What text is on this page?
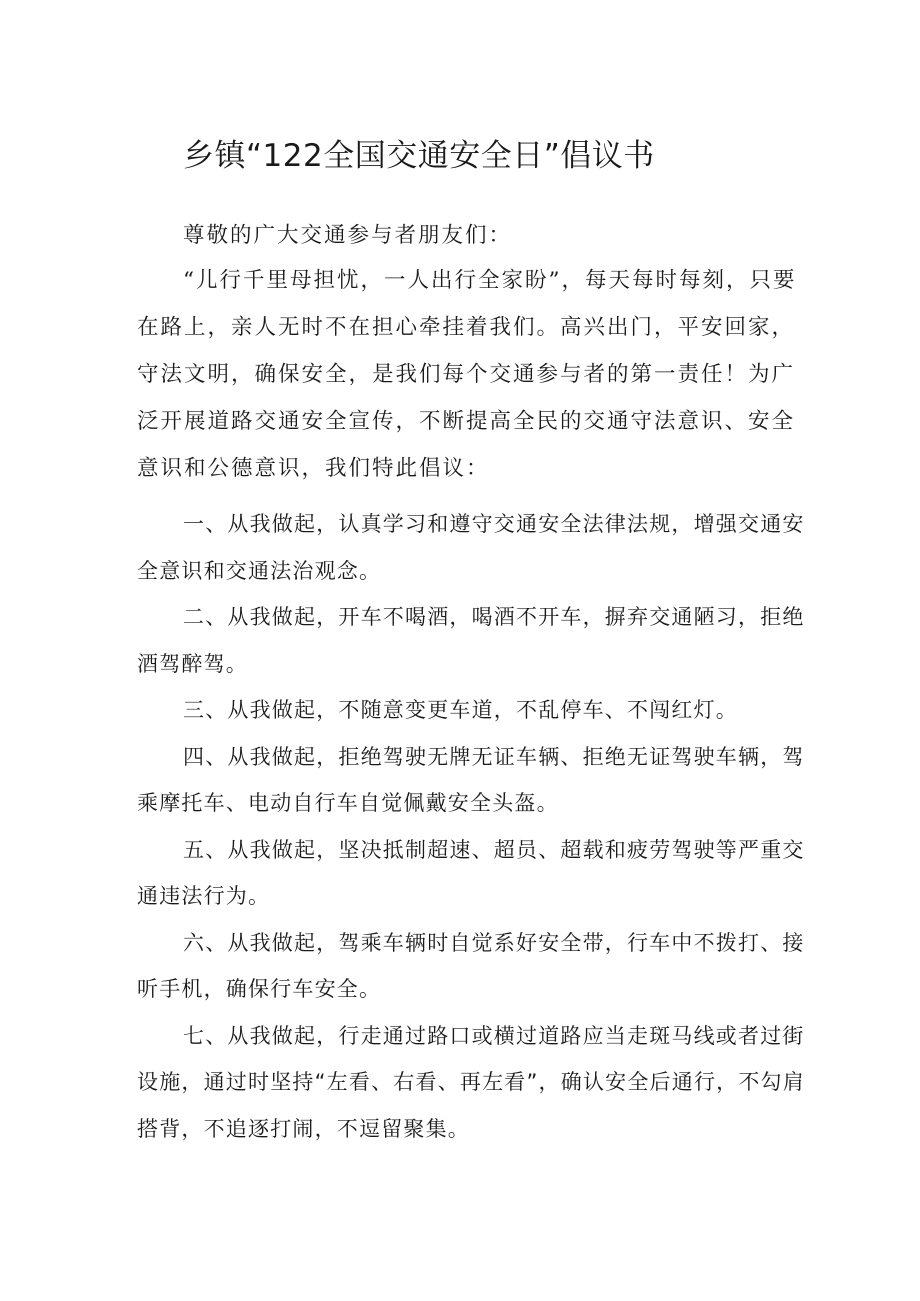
乡镇“122全国交通安全日”倡议书
尊敬的广大交通参与者朋友们：

“儿行千里母担忧，一人出行全家盼”，每天每时每刻，只要在路上，亲人无时不在担心牵挂着我们。高兴出门，平安回家，守法文明，确保安全，是我们每个交通参与者的第一责任！为广泛开展道路交通安全宣传，不断提高全民的交通守法意识、安全意识和公德意识，我们特此倡议：

一、从我做起，认真学习和遵守交通安全法律法规，增强交通安全意识和交通法治观念。

二、从我做起，开车不喝酒，喝酒不开车，摒弃交通陋习，拒绝酒驾醉驾。

三、从我做起，不随意变更车道，不乱停车、不闯红灯。

四、从我做起，拒绝驾驶无牌无证车辆、拒绝无证驾驶车辆，驾乘摩托车、电动自行车自觉佩戴安全头盔。

五、从我做起，坚决抵制超速、超员、超载和疲劳驾驶等严重交通违法行为。

六、从我做起，驾乘车辆时自觉系好安全带，行车中不拨打、接听手机，确保行车安全。

七、从我做起，行走通过路口或横过道路应当走斑马线或者过街设施，通过时坚持“左看、右看、再左看”，确认安全后通行，不勾肩搭背，不追逐打闹，不逗留聚集。
